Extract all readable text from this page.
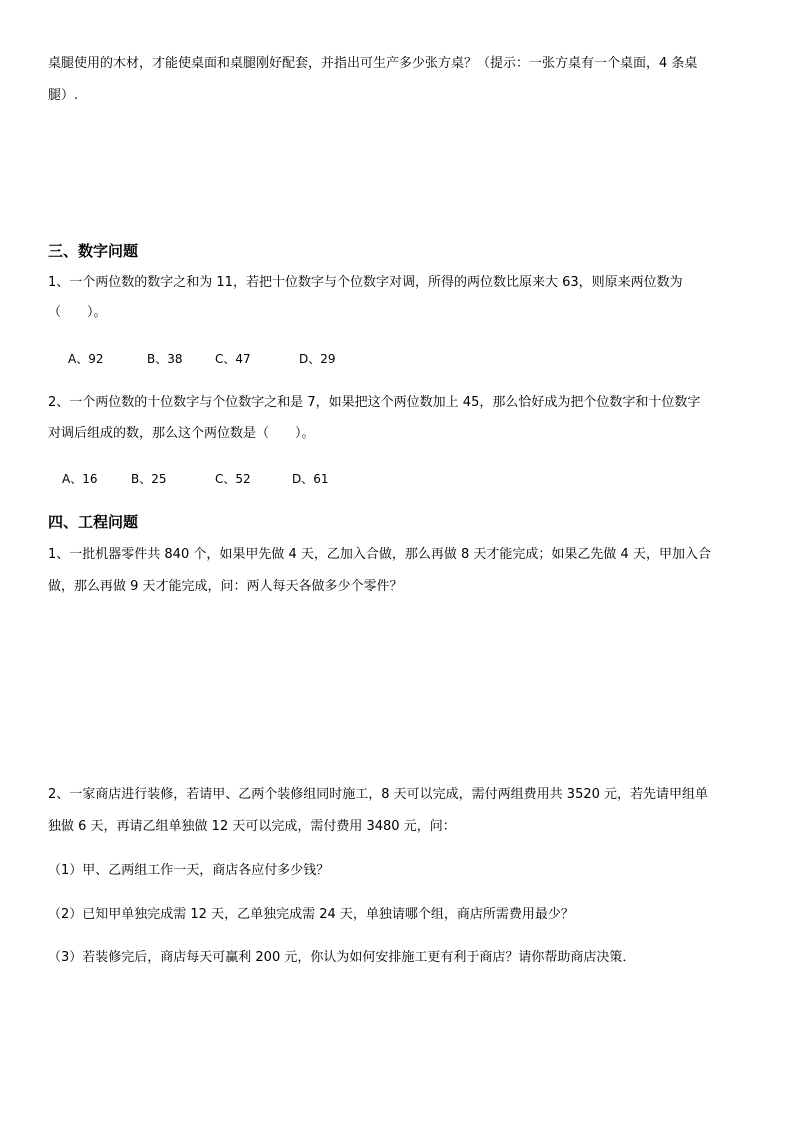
桌腿使用的木材，才能使桌面和桌腿刚好配套，并指出可生产多少张方桌？（提示：一张方桌有一个桌面，4 条桌
腿）.
三、数字问题
1、一个两位数的数字之和为 11，若把十位数字与个位数字对调，所得的两位数比原来大 63，则原来两位数为
（　　）。
A、92	B、38	C、47	D、29
2、一个两位数的十位数字与个位数字之和是 7，如果把这个两位数加上 45，那么恰好成为把个位数字和十位数字
对调后组成的数，那么这个两位数是（　　）。
A、16	B、25	C、52	D、61
四、工程问题
1、一批机器零件共 840 个，如果甲先做 4 天，乙加入合做，那么再做 8 天才能完成；如果乙先做 4 天，甲加入合
做，那么再做 9 天才能完成，问：两人每天各做多少个零件？
2、一家商店进行装修，若请甲、乙两个装修组同时施工，8 天可以完成，需付两组费用共 3520 元，若先请甲组单
独做 6 天，再请乙组单独做 12 天可以完成，需付费用 3480 元，问：
（1）甲、乙两组工作一天，商店各应付多少钱？
（2）已知甲单独完成需 12 天，乙单独完成需 24 天，单独请哪个组，商店所需费用最少？
（3）若装修完后，商店每天可赢利 200 元，你认为如何安排施工更有利于商店？请你帮助商店决策．
